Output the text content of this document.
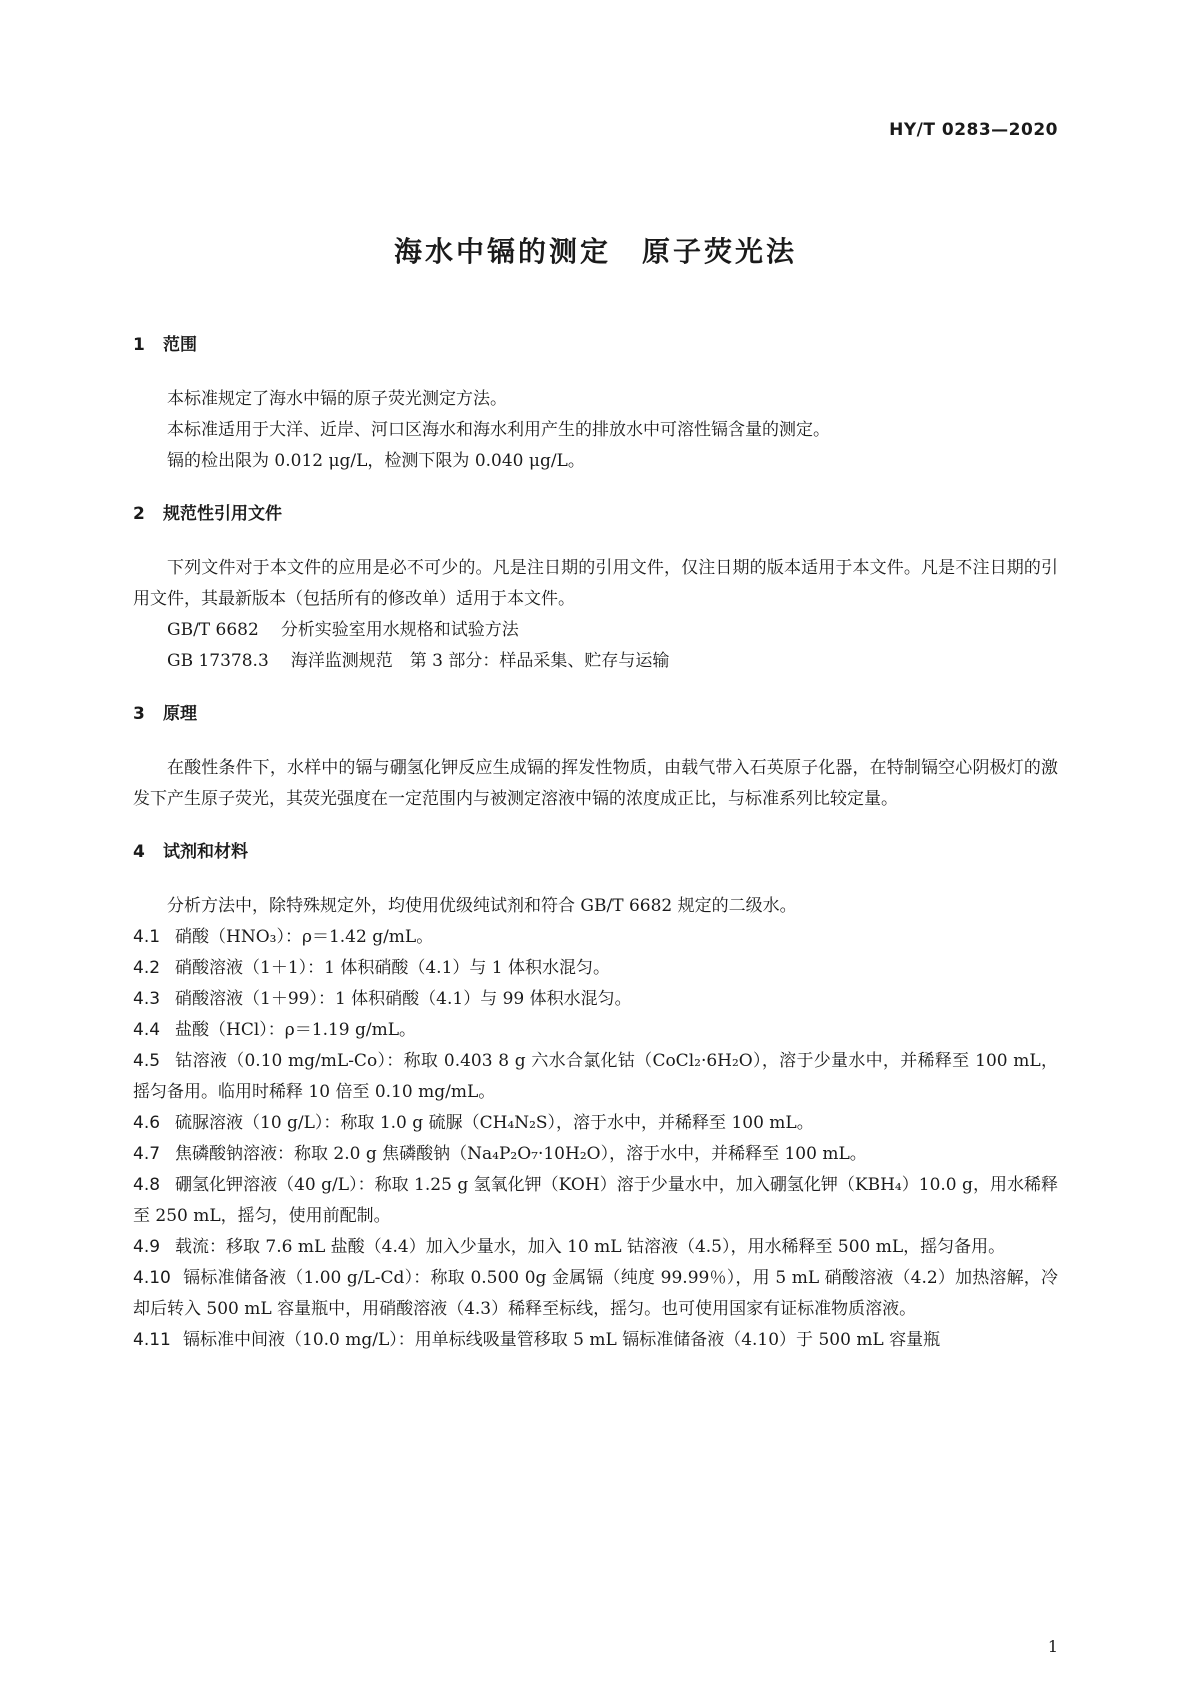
HY/T 0283—2020
海水中镉的测定　原子荧光法
1 范围

本标准规定了海水中镉的原子荧光测定方法。

本标准适用于大洋、近岸、河口区海水和海水利用产生的排放水中可溶性镉含量的测定。

镉的检出限为 0.012 μg/L，检测下限为 0.040 μg/L。

2 规范性引用文件

下列文件对于本文件的应用是必不可少的。凡是注日期的引用文件，仅注日期的版本适用于本文件。凡是不注日期的引用文件，其最新版本（包括所有的修改单）适用于本文件。

GB/T 6682 分析实验室用水规格和试验方法

GB 17378.3 海洋监测规范　第 3 部分：样品采集、贮存与运输

3 原理

在酸性条件下，水样中的镉与硼氢化钾反应生成镉的挥发性物质，由载气带入石英原子化器，在特制镉空心阴极灯的激发下产生原子荧光，其荧光强度在一定范围内与被测定溶液中镉的浓度成正比，与标准系列比较定量。

4 试剂和材料

分析方法中，除特殊规定外，均使用优级纯试剂和符合 GB/T 6682 规定的二级水。

4.1 硝酸（HNO₃）：ρ＝1.42 g/mL。

4.2 硝酸溶液（1＋1）：1 体积硝酸（4.1）与 1 体积水混匀。

4.3 硝酸溶液（1＋99）：1 体积硝酸（4.1）与 99 体积水混匀。

4.4 盐酸（HCl）：ρ＝1.19 g/mL。

4.5 钴溶液（0.10 mg/mL-Co）：称取 0.403 8 g 六水合氯化钴（CoCl₂·6H₂O），溶于少量水中，并稀释至 100 mL，摇匀备用。临用时稀释 10 倍至 0.10 mg/mL。

4.6 硫脲溶液（10 g/L）：称取 1.0 g 硫脲（CH₄N₂S），溶于水中，并稀释至 100 mL。

4.7 焦磷酸钠溶液：称取 2.0 g 焦磷酸钠（Na₄P₂O₇·10H₂O），溶于水中，并稀释至 100 mL。

4.8 硼氢化钾溶液（40 g/L）：称取 1.25 g 氢氧化钾（KOH）溶于少量水中，加入硼氢化钾（KBH₄）10.0 g，用水稀释至 250 mL，摇匀，使用前配制。

4.9 载流：移取 7.6 mL 盐酸（4.4）加入少量水，加入 10 mL 钴溶液（4.5），用水稀释至 500 mL，摇匀备用。

4.10 镉标准储备液（1.00 g/L-Cd）：称取 0.500 0g 金属镉（纯度 99.99％），用 5 mL 硝酸溶液（4.2）加热溶解，冷却后转入 500 mL 容量瓶中，用硝酸溶液（4.3）稀释至标线，摇匀。也可使用国家有证标准物质溶液。

4.11 镉标准中间液（10.0 mg/L）：用单标线吸量管移取 5 mL 镉标准储备液（4.10）于 500 mL 容量瓶

1
